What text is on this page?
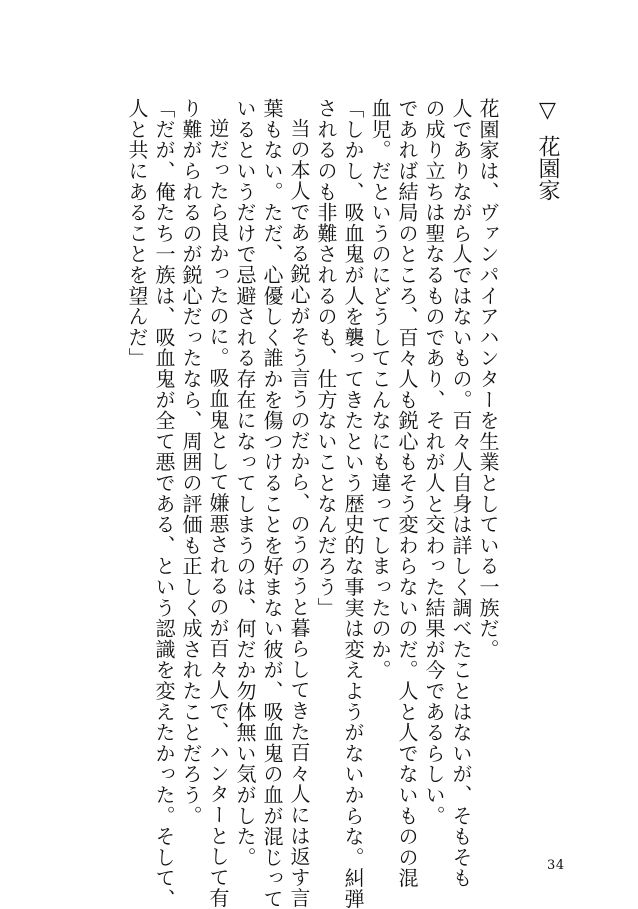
▽花園家
花園家は、ヴァンパイアハンターを生業としている一族だ。
人でありながら人ではないもの。百々人自身は詳しく調べたことはないが、そもそも
の成り立ちは聖なるものであり、それが人と交わった結果が今であるらしい。
であれば結局のところ、百々人も鋭心もそう変わらないのだ。人と人でないものの混
血児。だというのにどうしてこんなにも違ってしまったのか。
「しかし、吸血鬼が人を襲ってきたという歴史的な事実は変えようがないからな。糾弾
されるのも非難されるのも、仕方ないことなんだろう」
当の本人である鋭心がそう言うのだから、のうのうと暮らしてきた百々人には返す言
葉もない。ただ、心優しく誰かを傷つけることを好まない彼が、吸血鬼の血が混じって
いるというだけで忌避される存在になってしまうのは、何だか勿体無い気がした。
逆だったら良かったのに。吸血鬼として嫌悪されるのが百々人で、ハンターとして有
り難がられるのが鋭心だったなら、周囲の評価も正しく成されたことだろう。
「だが、俺たち一族は、吸血鬼が全て悪である、という認識を変えたかった。そして、
人と共にあることを望んだ」
34
